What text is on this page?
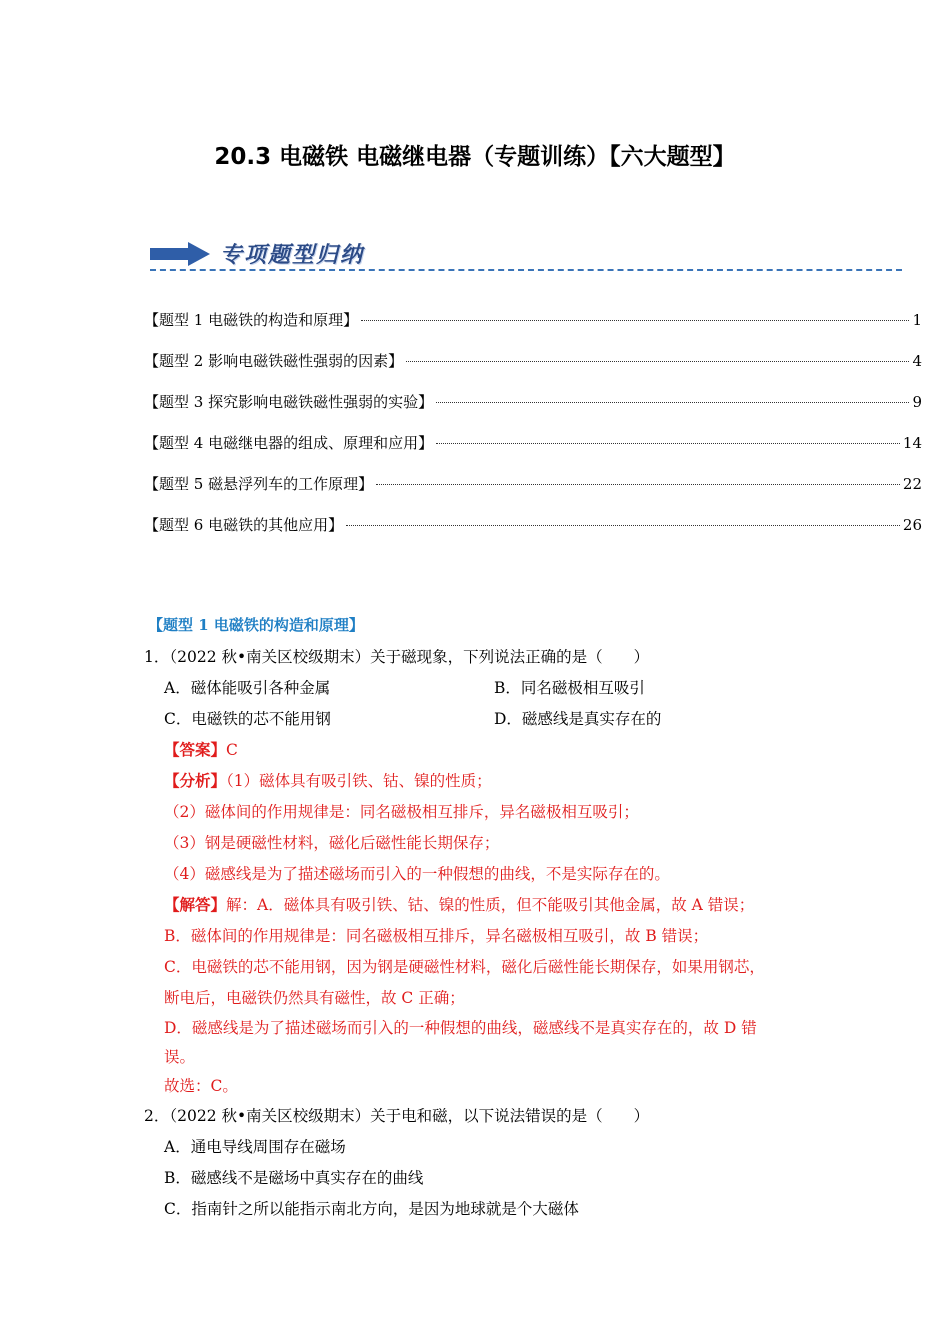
20.3 电磁铁 电磁继电器（专题训练）【六大题型】
专项题型归纳
【题型 1 电磁铁的构造和原理】	1
【题型 2 影响电磁铁磁性强弱的因素】	4
【题型 3 探究影响电磁铁磁性强弱的实验】	9
【题型 4 电磁继电器的组成、原理和应用】	14
【题型 5 磁悬浮列车的工作原理】	22
【题型 6 电磁铁的其他应用】	26
【题型 1 电磁铁的构造和原理】
1．（2022 秋•南关区校级期末）关于磁现象，下列说法正确的是（　　）
A．磁体能吸引各种金属	B．同名磁极相互吸引
C．电磁铁的芯不能用钢	D．磁感线是真实存在的
【答案】C
【分析】（1）磁体具有吸引铁、钴、镍的性质；
（2）磁体间的作用规律是：同名磁极相互排斥，异名磁极相互吸引；
（3）钢是硬磁性材料，磁化后磁性能长期保存；
（4）磁感线是为了描述磁场而引入的一种假想的曲线，不是实际存在的。
【解答】解：A．磁体具有吸引铁、钴、镍的性质，但不能吸引其他金属，故 A 错误；
B．磁体间的作用规律是：同名磁极相互排斥，异名磁极相互吸引，故 B 错误；
C．电磁铁的芯不能用钢，因为钢是硬磁性材料，磁化后磁性能长期保存，如果用钢芯，
断电后，电磁铁仍然具有磁性，故 C 正确；
D．磁感线是为了描述磁场而引入的一种假想的曲线，磁感线不是真实存在的，故 D 错
误。
故选：C。
2．（2022 秋•南关区校级期末）关于电和磁，以下说法错误的是（　　）
A．通电导线周围存在磁场
B．磁感线不是磁场中真实存在的曲线
C．指南针之所以能指示南北方向，是因为地球就是个大磁体
